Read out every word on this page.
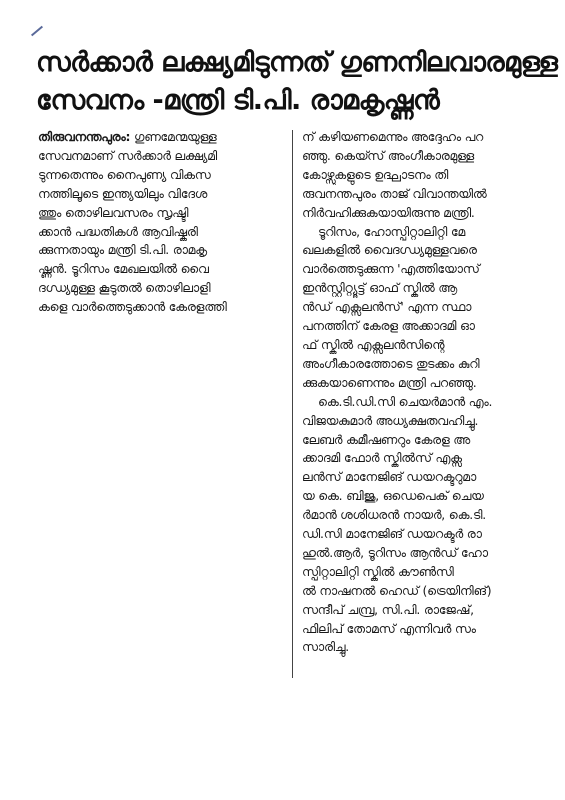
സർക്കാർ ലക്ഷ്യമിടുന്നത് ഗുണനിലവാരമുള്ള
സേവനം -മന്ത്രി ടി.പി. രാമകൃഷ്ണൻ
തിരുവനന്തപുരം: ഗുണമേന്മയുള്ള
സേവനമാണ് സർക്കാർ ലക്ഷ്യമി
ടുന്നതെന്നും നൈപുണ്യ വികസ
നത്തിലൂടെ ഇന്ത്യയിലും വിദേശ
ത്തും തൊഴിലവസരം സൃഷ്ടി
ക്കാൻ പദ്ധതികൾ ആവിഷ്കരി
ക്കുന്നതായും മന്ത്രി ടി.പി. രാമകൃ
ഷ്ണൻ. ടൂറിസം മേഖലയിൽ വൈ
ദഗ്ധ്യമുള്ള കൂടുതൽ തൊഴിലാളി
കളെ വാർത്തെടുക്കാൻ കേരളത്തി
ന് കഴിയണമെന്നും അദ്ദേഹം പറ
ഞ്ഞു. കെയ്സ് അംഗീകാരമുള്ള
കോഴ്സുകളുടെ ഉദ്ഘാടനം തി
രുവനന്തപുരം താജ് വിവാന്തയിൽ
നിർവഹിക്കുകയായിരുന്നു മന്ത്രി.
ടൂറിസം, ഹോസ്പിറ്റാലിറ്റി മേ
ഖലകളിൽ വൈദഗ്ധ്യമുള്ളവരെ
വാർത്തെടുക്കുന്ന 'എത്തിയോസ്
ഇൻസ്റ്റിറ്റ്യൂട്ട് ഓഫ് സ്കിൽ ആ
ൻഡ് എക്സലൻസ്' എന്ന സ്ഥാ
പനത്തിന് കേരള അക്കാദമി ഓ
ഫ് സ്കിൽ എക്സലൻസിന്റെ
അംഗീകാരത്തോടെ തുടക്കം കുറി
ക്കുകയാണെന്നും മന്ത്രി പറഞ്ഞു.
കെ.ടി.ഡി.സി ചെയർമാൻ എം.
വിജയകുമാർ അധ്യക്ഷതവഹിച്ചു.
ലേബർ കമീഷണറും കേരള അ
ക്കാദമി ഫോർ സ്കിൽസ് എക്സ
ലൻസ് മാനേജിങ് ഡയറക്ടറുമാ
യ കെ. ബിജു, ഒഡെപെക് ചെയ
ർമാൻ ശശിധരൻ നായർ, കെ.ടി.
ഡി.സി മാനേജിങ് ഡയറക്ടർ രാ
ഹുൽ.ആർ, ടൂറിസം ആൻഡ് ഹോ
സ്പിറ്റാലിറ്റി സ്കിൽ കൗൺസി
ൽ നാഷനൽ ഹെഡ് (ട്രെയിനിങ്)
സന്ദീപ് ചമ്പ്ര, സി.പി. രാജേഷ്,
ഫിലിപ് തോമസ് എന്നിവർ സം
സാരിച്ചു.
